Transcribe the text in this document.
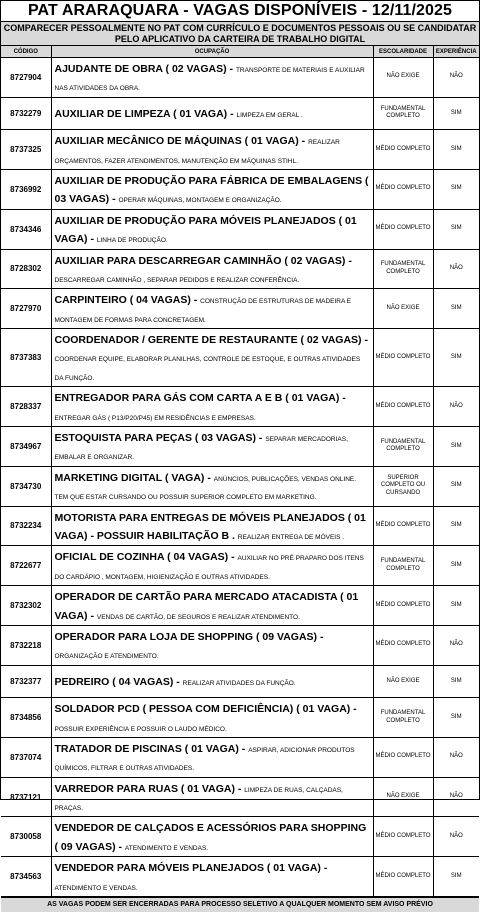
PAT ARARAQUARA - VAGAS DISPONÍVEIS - 12/11/2025
COMPARECER PESSOALMENTE NO PAT COM CURRÍCULO E DOCUMENTOS PESSOAIS OU SE CANDIDATAR
PELO APLICATIVO DA CARTEIRA DE TRABALHO DIGITAL
CÓDIGO	OCUPAÇÃO	ESCOLARIDADE	EXPERIÊNCIA
8727904	AJUDANTE DE OBRA ( 02 VAGAS) - TRANSPORTE DE MATERIAIS E AUXILIAR NAS ATIVIDADES DA OBRA.	NÃO EXIGE	NÃO
8732279	AUXILIAR DE LIMPEZA ( 01 VAGA) - LIMPEZA EM GERAL .	FUNDAMENTAL COMPLETO	SIM
8737325	AUXILIAR MECÂNICO DE MÁQUINAS ( 01 VAGA) - REALIZAR ORÇAMENTOS, FAZER ATENDIMENTOS, MANUTENÇÃO EM MÁQUINAS STIHL.	MÉDIO COMPLETO	SIM
8736992	AUXILIAR DE PRODUÇÃO PARA FÁBRICA DE EMBALAGENS ( 03 VAGAS) - OPERAR MÁQUINAS, MONTAGEM E ORGANIZAÇÃO.	MÉDIO COMPLETO	SIM
8734346	AUXILIAR DE PRODUÇÃO PARA MÓVEIS PLANEJADOS ( 01 VAGA) - LINHA DE PRODUÇÃO.	MÉDIO COMPLETO	SIM
8728302	AUXILIAR PARA DESCARREGAR CAMINHÃO ( 02 VAGAS) - DESCARREGAR CAMINHÃO , SEPARAR PEDIDOS E REALIZAR CONFERÊNCIA.	FUNDAMENTAL COMPLETO	NÃO
8727970	CARPINTEIRO ( 04 VAGAS) - CONSTRUÇÃO DE ESTRUTURAS DE MADEIRA E MONTAGEM DE FORMAS PARA CONCRETAGEM.	NÃO EXIGE	SIM
8737383	COORDENADOR / GERENTE DE RESTAURANTE ( 02 VAGAS) - COORDENAR EQUIPE, ELABORAR PLANILHAS, CONTROLE DE ESTOQUE, E OUTRAS ATIVIDADES DA FUNÇÃO.	MÉDIO COMPLETO	SIM
8728337	ENTREGADOR PARA GÁS COM CARTA A E B ( 01 VAGA) - ENTREGAR GÁS ( P13/P20/P45) EM RESIDÊNCIAS E EMPRESAS.	MÉDIO COMPLETO	NÃO
8734967	ESTOQUISTA PARA PEÇAS ( 03 VAGAS) - SEPARAR MERCADORIAS, EMBALAR E ORGANIZAR.	FUNDAMENTAL COMPLETO	SIM
8734730	MARKETING DIGITAL ( VAGA) - ANÚNCIOS, PUBLICAÇÕES, VENDAS ONLINE. TEM QUE ESTAR CURSANDO OU POSSUIR SUPERIOR COMPLETO EM MARKETING.	SUPERIOR COMPLETO OU CURSANDO	SIM
8732234	MOTORISTA PARA ENTREGAS DE MÓVEIS PLANEJADOS ( 01 VAGA) - POSSUIR HABILITAÇÃO B . REALIZAR ENTREGA DE MÓVEIS .	MÉDIO COMPLETO	SIM
8722677	OFICIAL DE COZINHA ( 04 VAGAS) - AUXILIAR NO PRÉ PRAPARO DOS ITENS DO CARDÁPIO , MONTAGEM, HIGIENIZAÇÃO E OUTRAS ATIVIDADES.	FUNDAMENTAL COMPLETO	SIM
8732302	OPERADOR DE CARTÃO PARA MERCADO ATACADISTA ( 01 VAGA) - VENDAS DE CARTÃO, DE SEGUROS E REALIZAR ATENDIMENTO.	MÉDIO COMPLETO	SIM
8732218	OPERADOR PARA LOJA DE SHOPPING ( 09 VAGAS) - ORGANIZAÇÃO E ATENDIMENTO.	MÉDIO COMPLETO	NÃO
8732377	PEDREIRO ( 04 VAGAS) - REALIZAR ATIVIDADES DA FUNÇÃO.	NÃO EXIGE	SIM
8734856	SOLDADOR PCD ( PESSOA COM DEFICIÊNCIA) ( 01 VAGA) - POSSUIR EXPERIÊNCIA E POSSUIR O LAUDO MÉDICO.	FUNDAMENTAL COMPLETO	SIM
8737074	TRATADOR DE PISCINAS ( 01 VAGA) - ASPIRAR, ADICIONAR PRODUTOS QUÍMICOS, FILTRAR E OUTRAS ATIVIDADES.	MÉDIO COMPLETO	NÃO
8737121	VARREDOR PARA RUAS ( 01 VAGA) - LIMPEZA DE RUAS, CALÇADAS, PRAÇAS.	NÃO EXIGE	NÃO
8730058	VENDEDOR DE CALÇADOS E ACESSÓRIOS PARA SHOPPING ( 09 VAGAS) - ATENDIMENTO E VENDAS.	MÉDIO COMPLETO	NÃO
8734563	VENDEDOR PARA MÓVEIS PLANEJADOS ( 01 VAGA) - ATENDIMENTO E VENDAS.	MÉDIO COMPLETO	SIM
AS VAGAS PODEM SER ENCERRADAS PARA PROCESSO SELETIVO A QUALQUER MOMENTO SEM AVISO PRÉVIO
